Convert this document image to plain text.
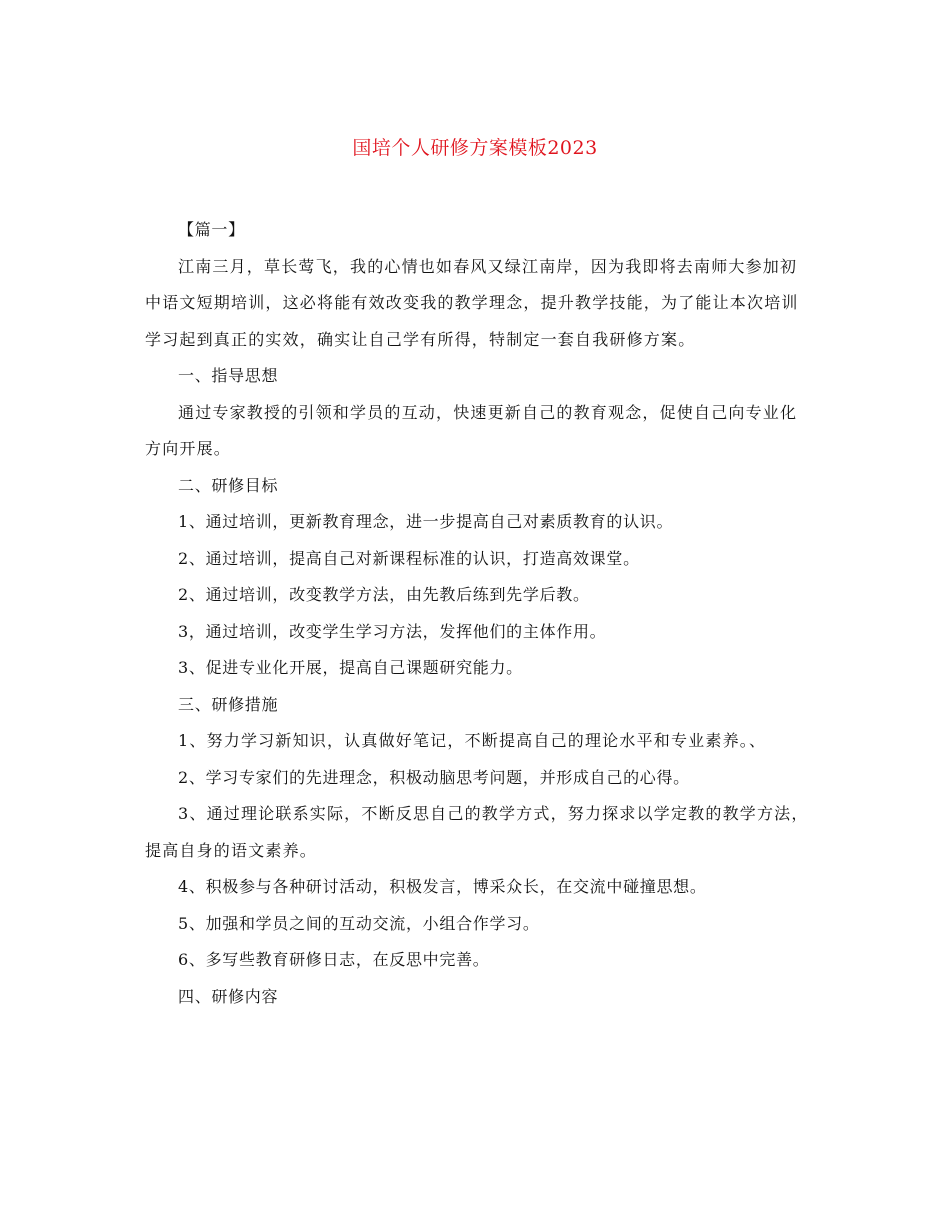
国培个人研修方案模板2023

【篇一】

江南三月，草长莺飞，我的心情也如春风又绿江南岸，因为我即将去南师大参加初中语文短期培训，这必将能有效改变我的教学理念，提升教学技能，为了能让本次培训学习起到真正的实效，确实让自己学有所得，特制定一套自我研修方案。

一、指导思想

通过专家教授的引领和学员的互动，快速更新自己的教育观念，促使自己向专业化方向开展。

二、研修目标

1、通过培训，更新教育理念，进一步提高自己对素质教育的认识。

2、通过培训，提高自己对新课程标准的认识，打造高效课堂。

2、通过培训，改变教学方法，由先教后练到先学后教。

3，通过培训，改变学生学习方法，发挥他们的主体作用。

3、促进专业化开展，提高自己课题研究能力。

三、研修措施

1、努力学习新知识，认真做好笔记，不断提高自己的理论水平和专业素养。、

2、学习专家们的先进理念，积极动脑思考问题，并形成自己的心得。

3、通过理论联系实际，不断反思自己的教学方式，努力探求以学定教的教学方法，提高自身的语文素养。

4、积极参与各种研讨活动，积极发言，博采众长，在交流中碰撞思想。

5、加强和学员之间的互动交流，小组合作学习。

6、多写些教育研修日志，在反思中完善。

四、研修内容
